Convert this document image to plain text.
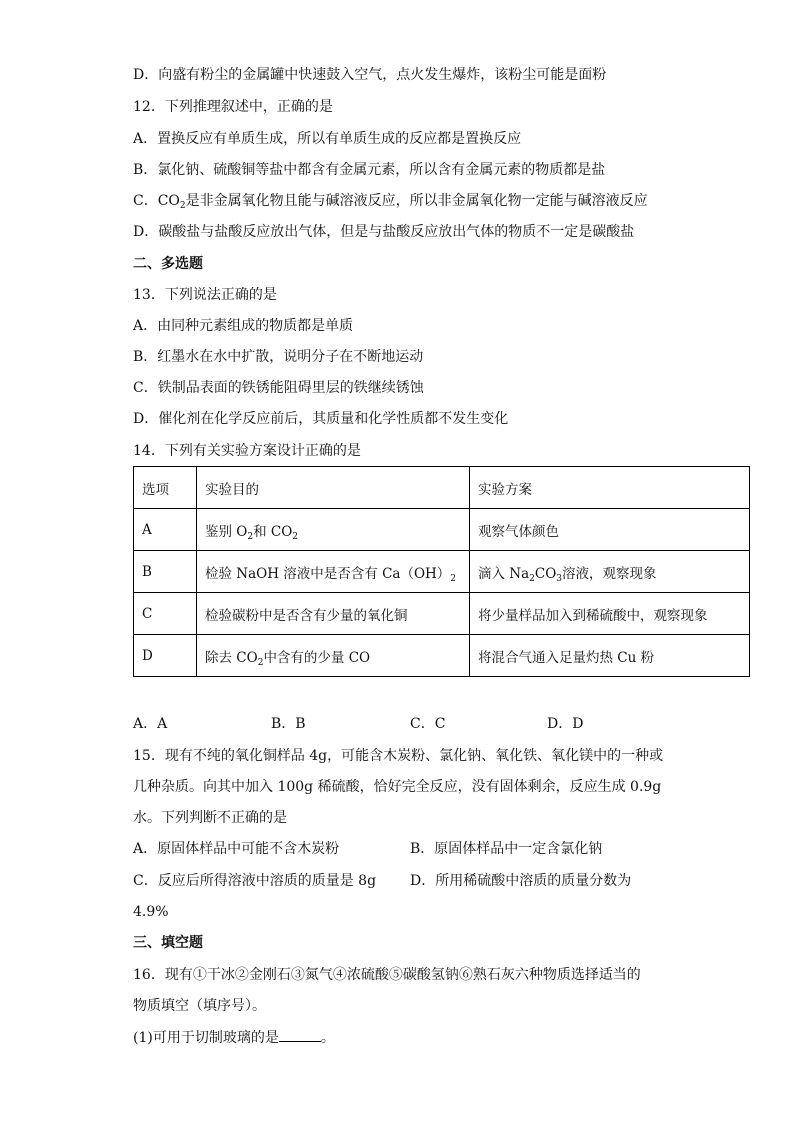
D．向盛有粉尘的金属罐中快速鼓入空气，点火发生爆炸，该粉尘可能是面粉
12．下列推理叙述中，正确的是
A．置换反应有单质生成，所以有单质生成的反应都是置换反应
B．氯化钠、硫酸铜等盐中都含有金属元素，所以含有金属元素的物质都是盐
C．$CO_2$是非金属氧化物且能与碱溶液反应，所以非金属氧化物一定能与碱溶液反应
D．碳酸盐与盐酸反应放出气体，但是与盐酸反应放出气体的物质不一定是碳酸盐
二、多选题
13．下列说法正确的是
A．由同种元素组成的物质都是单质
B．红墨水在水中扩散，说明分子在不断地运动
C．铁制品表面的铁锈能阻碍里层的铁继续锈蚀
D．催化剂在化学反应前后，其质量和化学性质都不发生变化
14．下列有关实验方案设计正确的是
选项	实验目的	实验方案
A	鉴别 $O_2$和 $CO_2$	观察气体颜色
B	检验 NaOH 溶液中是否含有 $Ca(OH)_2$	滴入 $Na_2CO_3$溶液，观察现象
C	检验碳粉中是否含有少量的氧化铜	将少量样品加入到稀硫酸中，观察现象
D	除去 $CO_2$中含有的少量 CO	将混合气通入足量灼热 Cu 粉
A．A	B．B	C．C	D．D
15．现有不纯的氧化铜样品 4g，可能含木炭粉、氯化钠、氧化铁、氧化镁中的一种或
几种杂质。向其中加入 100g 稀硫酸，恰好完全反应，没有固体剩余，反应生成 0.9g
水。下列判断不正确的是
A．原固体样品中可能不含木炭粉	B．原固体样品中一定含氯化钠
C．反应后所得溶液中溶质的质量是 8g D．所用稀硫酸中溶质的质量分数为
4.9%
三、填空题
16．现有①干冰②金刚石③氮气④浓硫酸⑤碳酸氢钠⑥熟石灰六种物质选择适当的
物质填空（填序号）。
(1)可用于切制玻璃的是	。
